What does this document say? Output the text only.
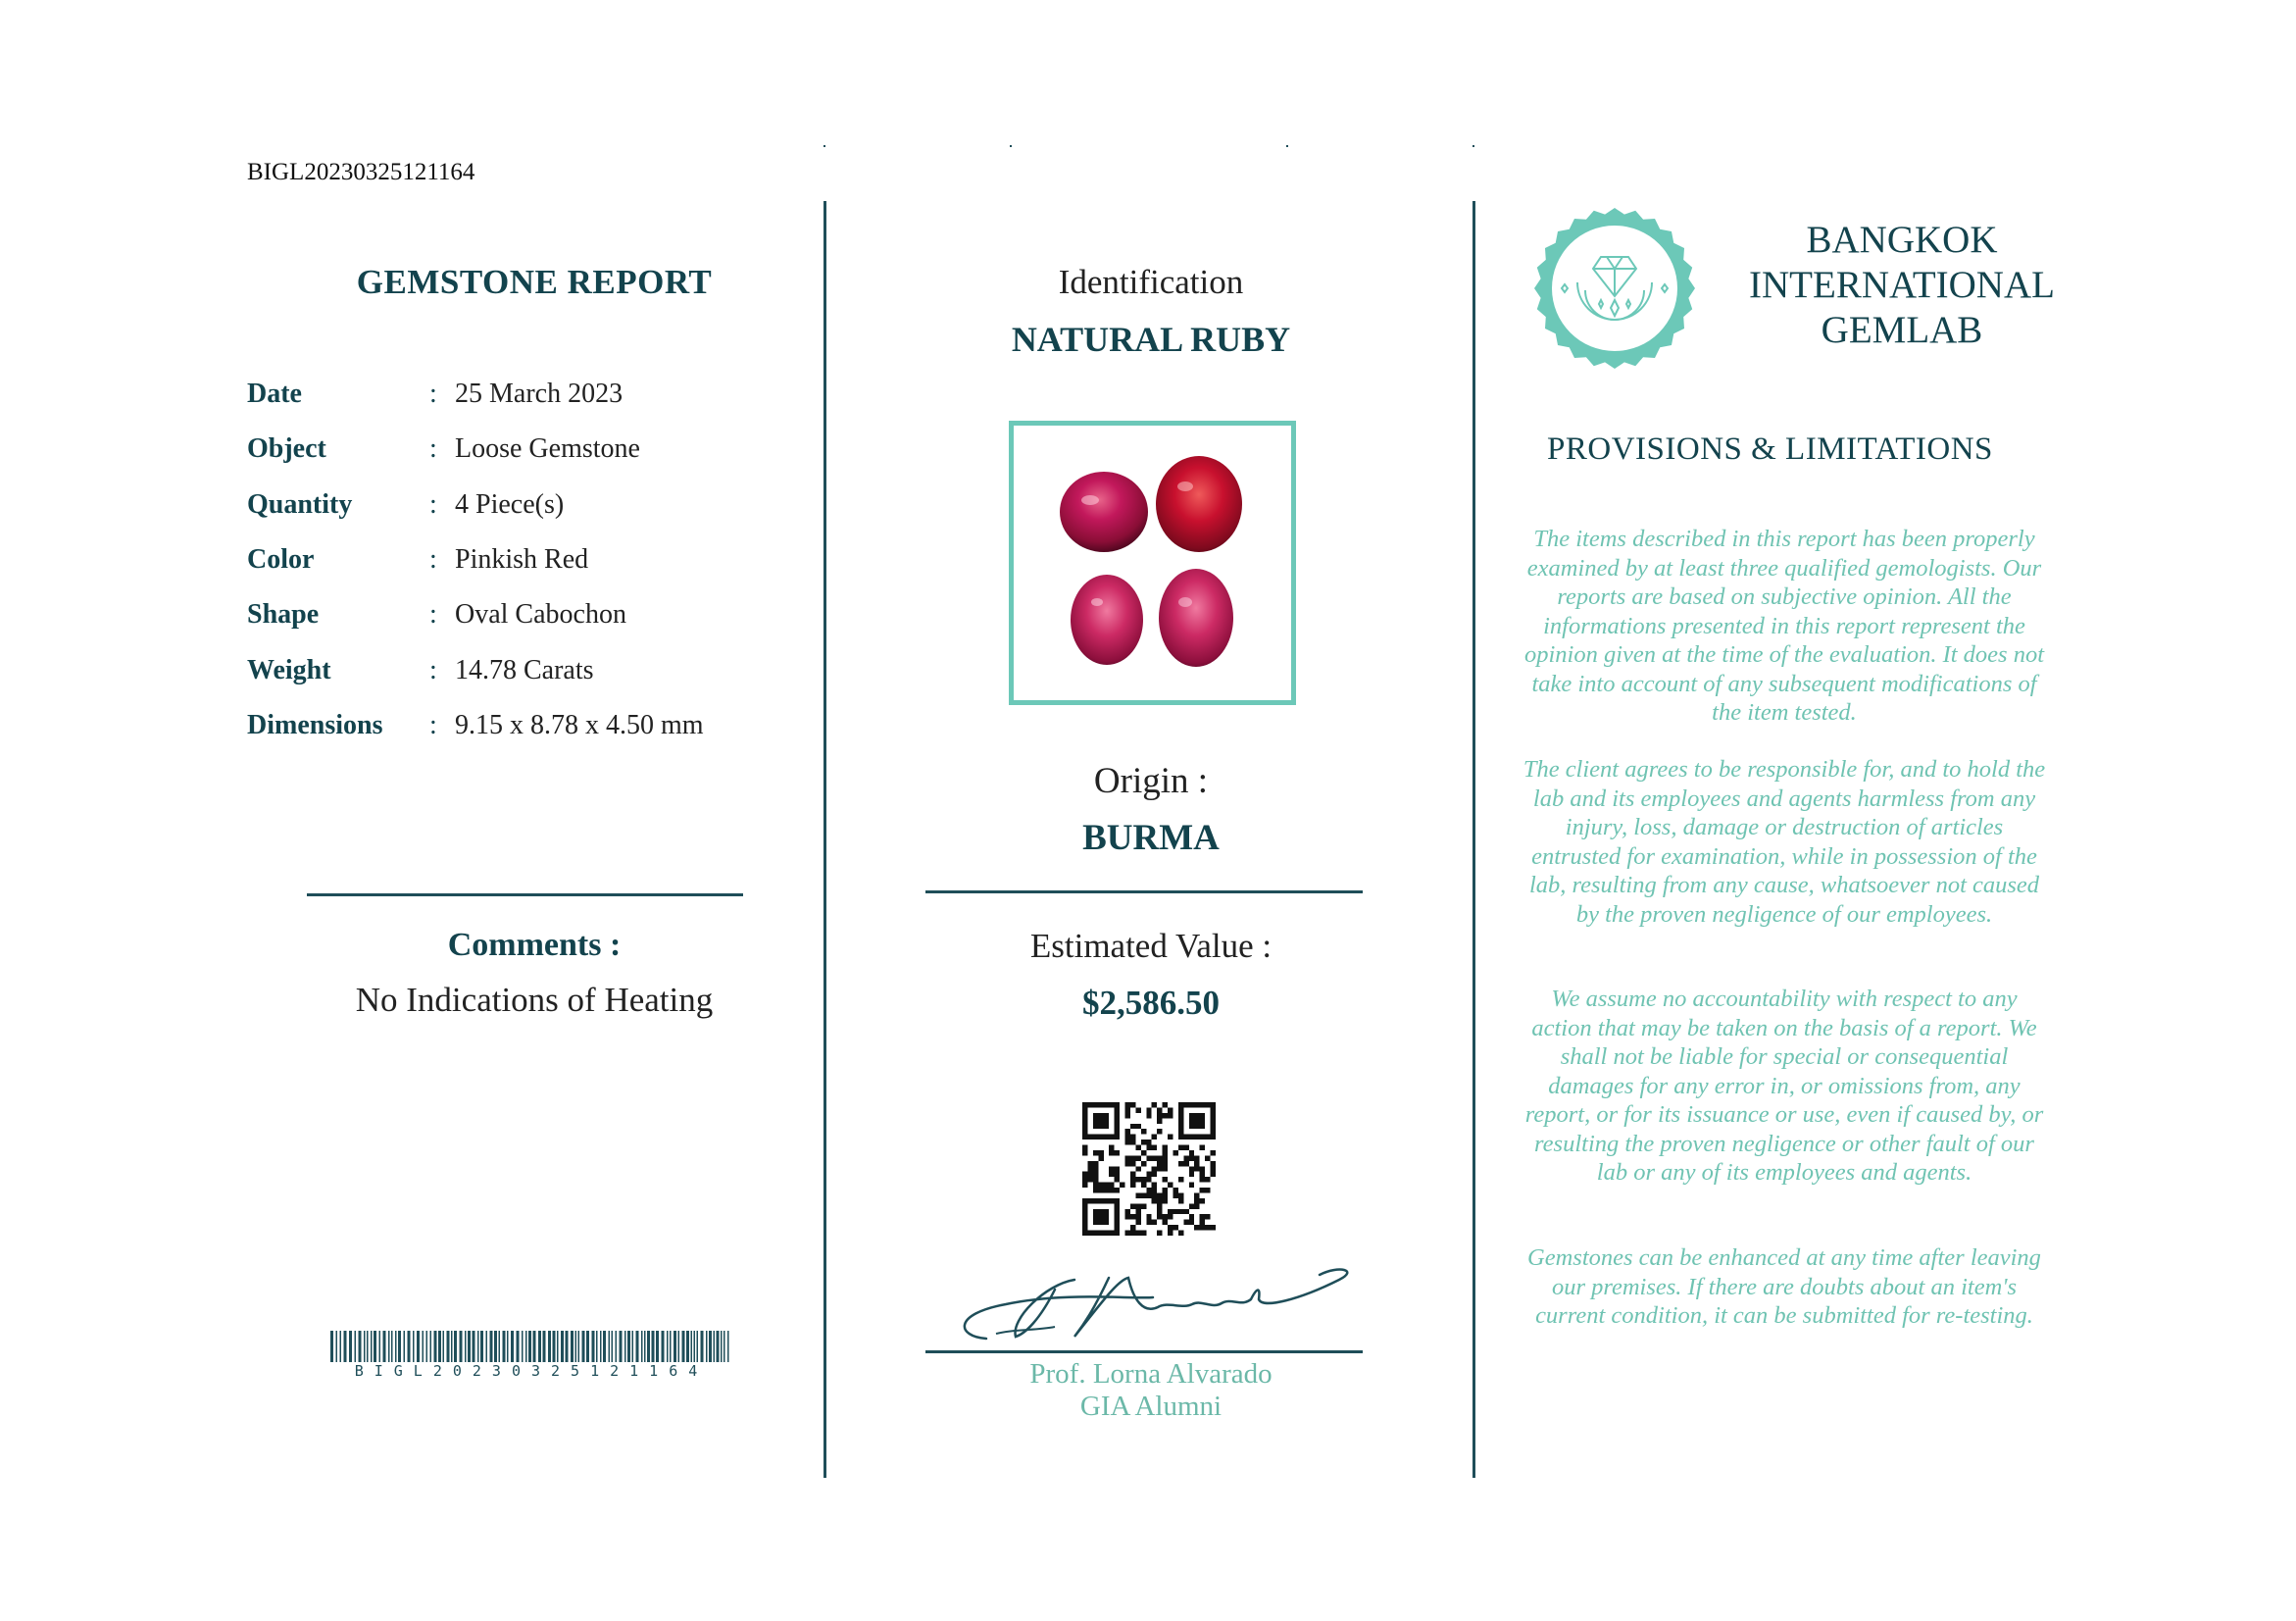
BIGL20230325121164
GEMSTONE REPORT
Date	: 25 March 2023
Object	: Loose Gemstone
Quantity	: 4 Piece(s)
Color	: Pinkish Red
Shape	: Oval Cabochon
Weight	: 14.78 Carats
Dimensions	: 9.15 x 8.78 x 4.50 mm
Comments :
No Indications of Heating
BIGL20230325121164
Identification
NATURAL RUBY
Origin :
BURMA
Estimated Value :
$2,586.50
Prof. Lorna Alvarado
GIA Alumni
BANGKOK
INTERNATIONAL
GEMLAB
PROVISIONS & LIMITATIONS
The items described in this report has been properly examined by at least three qualified gemologists. Our reports are based on subjective opinion. All the informations presented in this report represent the opinion given at the time of the evaluation. It does not take into account of any subsequent modifications of the item tested.
The client agrees to be responsible for, and to hold the lab and its employees and agents harmless from any injury, loss, damage or destruction of articles entrusted for examination, while in possession of the lab, resulting from any cause, whatsoever not caused by the proven negligence of our employees.
We assume no accountability with respect to any action that may be taken on the basis of a report. We shall not be liable for special or consequential damages for any error in, or omissions from, any report, or for its issuance or use, even if caused by, or resulting the proven negligence or other fault of our lab or any of its employees and agents.
Gemstones can be enhanced at any time after leaving our premises. If there are doubts about an item's current condition, it can be submitted for re-testing.
